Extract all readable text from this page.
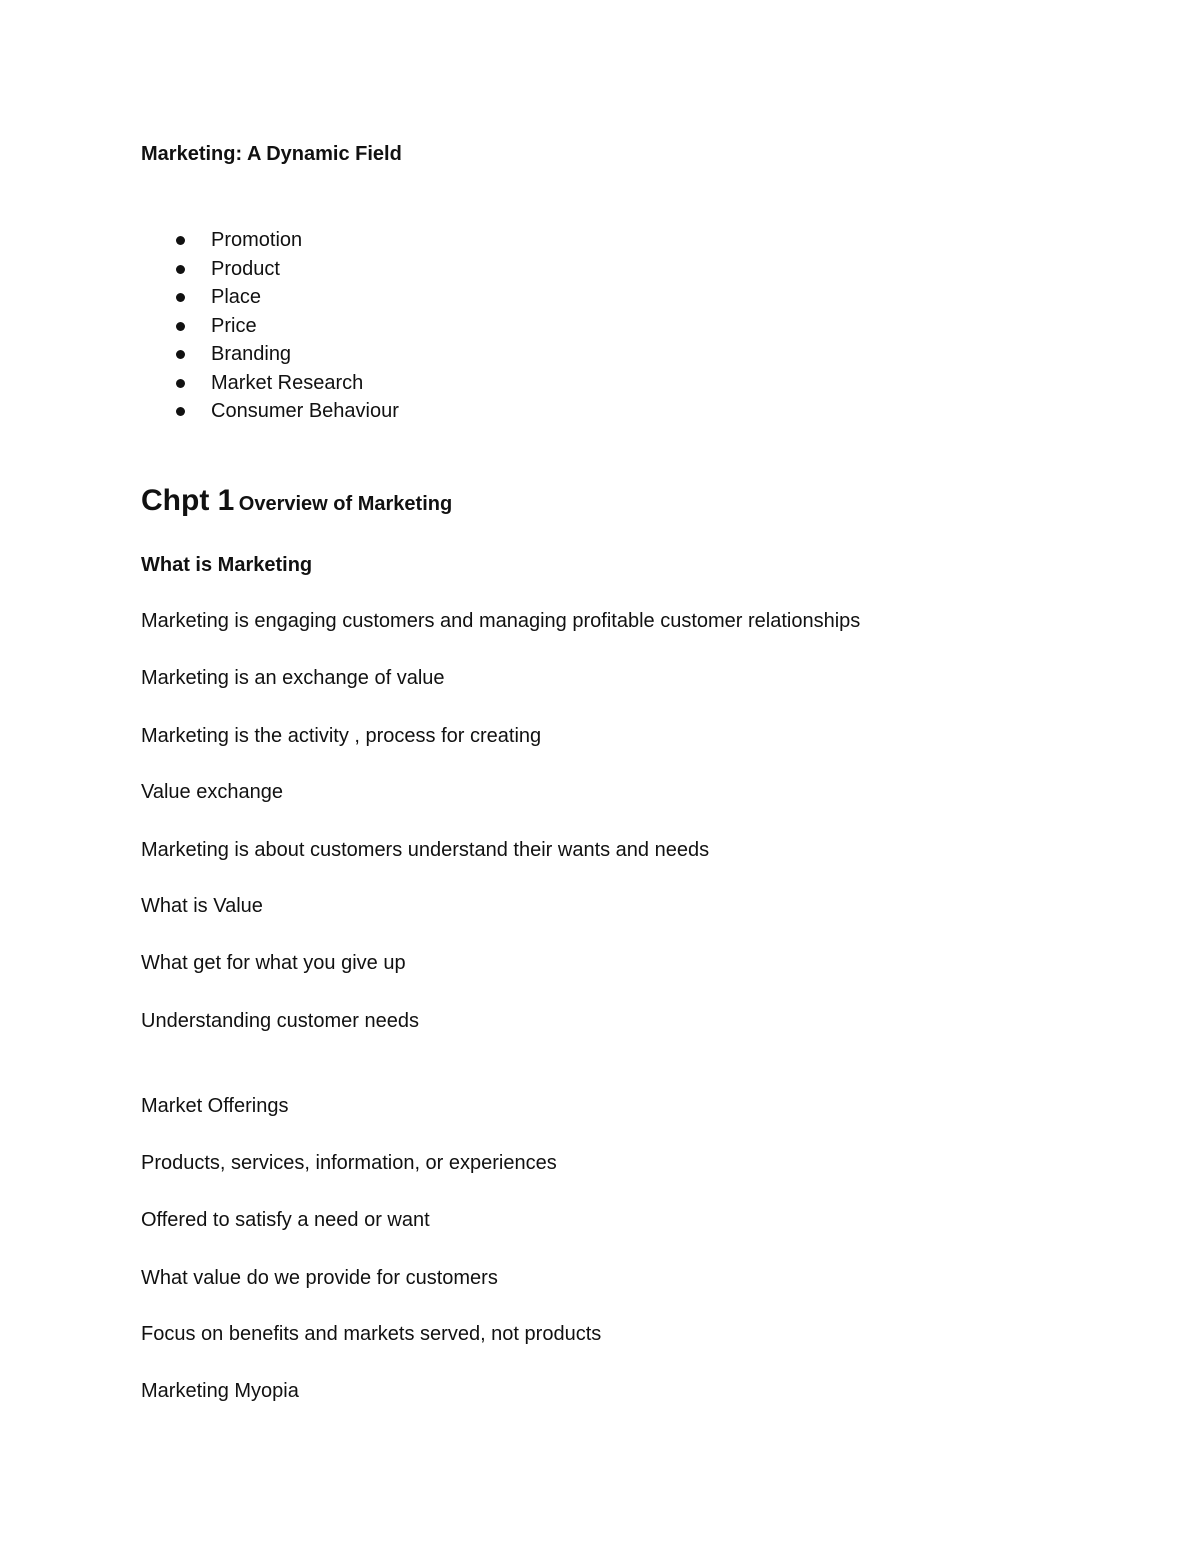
Marketing: A Dynamic Field
Promotion
Product
Place
Price
Branding
Market Research
Consumer Behaviour
Chpt 1 Overview of Marketing
What is Marketing
Marketing is engaging customers and managing profitable customer relationships
Marketing is an exchange of value
Marketing is the activity , process for creating
Value exchange
Marketing is about customers understand their wants and needs
What is Value
What get for what you give up
Understanding customer needs
Market Offerings
Products, services, information, or experiences
Offered to satisfy a need or want
What value do we provide for customers
Focus on benefits and markets served, not products
Marketing Myopia
